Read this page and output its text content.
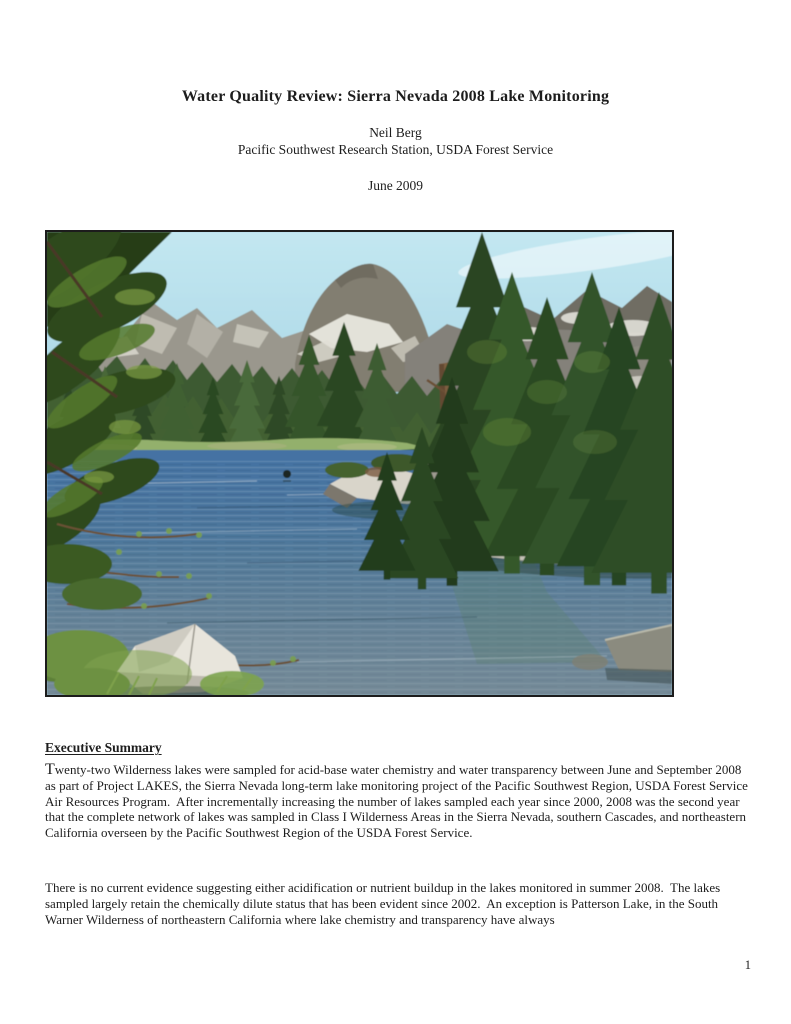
Water Quality Review: Sierra Nevada 2008 Lake Monitoring
Neil Berg
Pacific Southwest Research Station, USDA Forest Service
June 2009
Executive Summary

Twenty-two Wilderness lakes were sampled for acid-base water chemistry and water transparency between June and September 2008 as part of Project LAKES, the Sierra Nevada long-term lake monitoring project of the Pacific Southwest Region, USDA Forest Service Air Resources Program.  After incrementally increasing the number of lakes sampled each year since 2000, 2008 was the second year that the complete network of lakes was sampled in Class I Wilderness Areas in the Sierra Nevada, southern Cascades, and northeastern California overseen by the Pacific Southwest Region of the USDA Forest Service.

There is no current evidence suggesting either acidification or nutrient buildup in the lakes monitored in summer 2008.  The lakes sampled largely retain the chemically dilute status that has been evident since 2002.  An exception is Patterson Lake, in the South Warner Wilderness of northeastern California where lake chemistry and transparency have always

1
